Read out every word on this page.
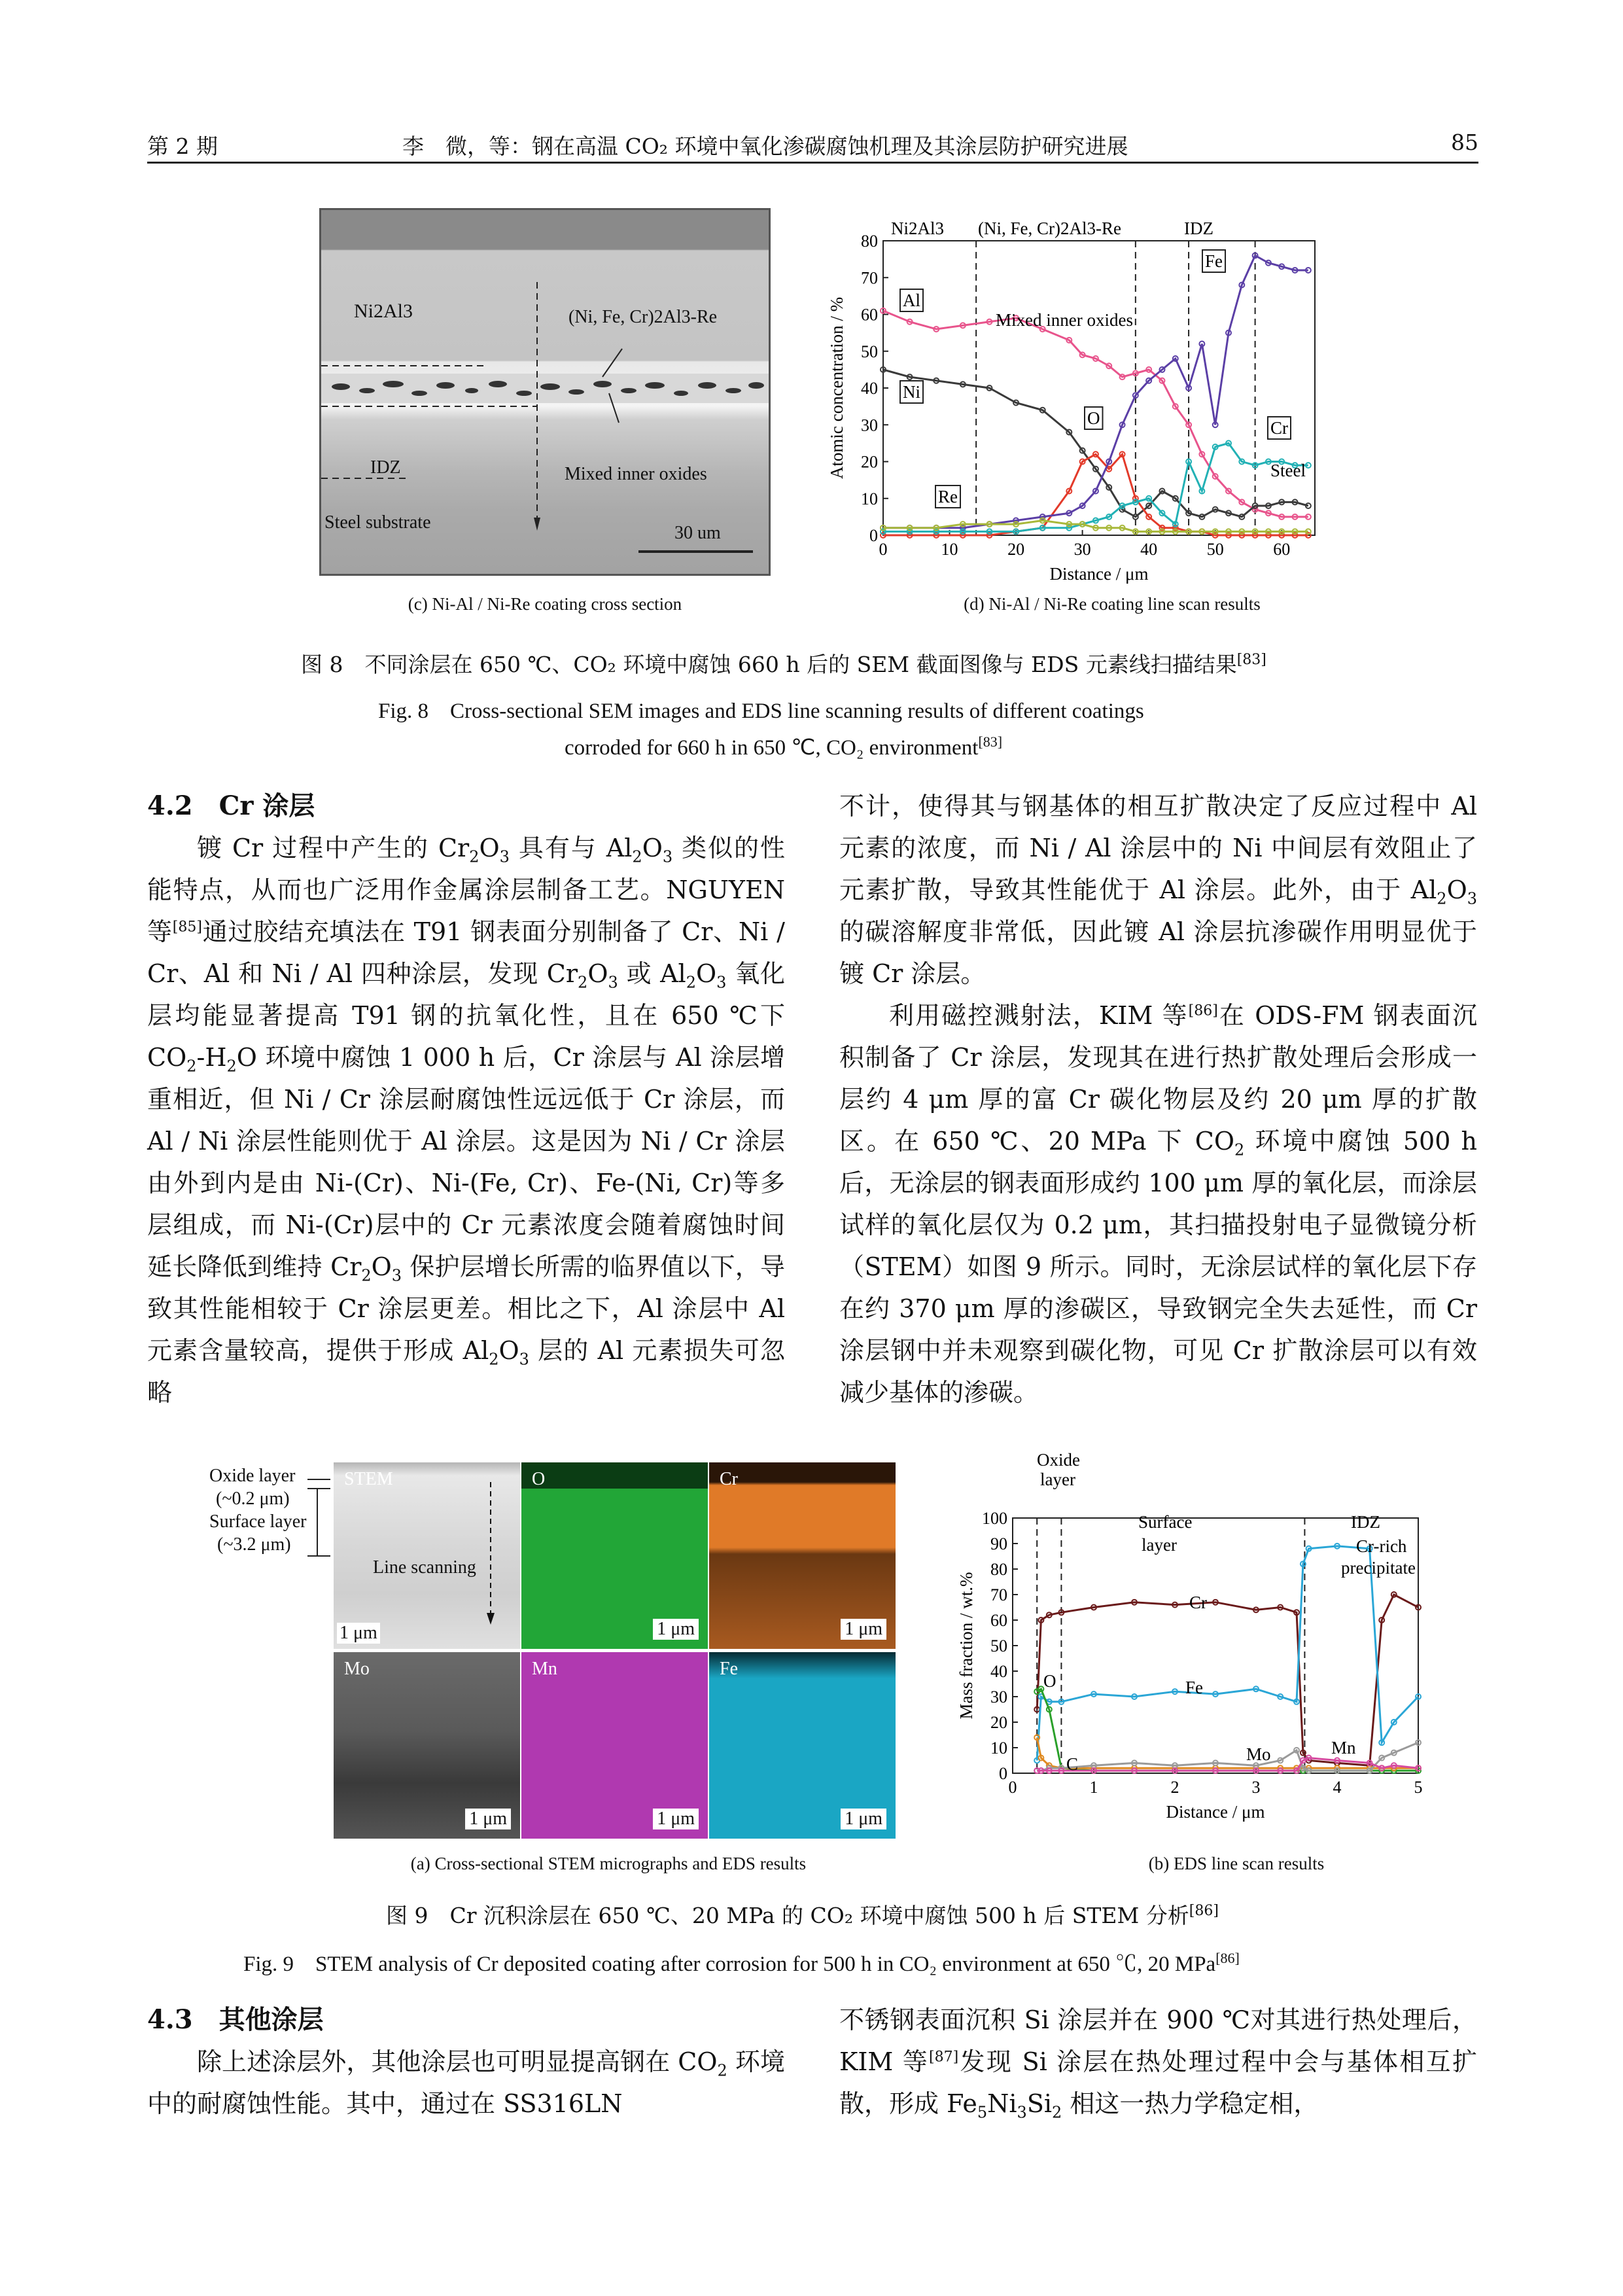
第 2 期	李　微，等：钢在高温 CO₂ 环境中氧化渗碳腐蚀机理及其涂层防护研究进展	85
Ni2Al3	(Ni, Fe, Cr)2Al3-Re
IDZ	Mixed inner oxides
Steel substrate
30 um
(c) Ni-Al / Ni-Re coating cross section
0	10	20	30	40	50	60
0
10
20
30
40
50
60
70
80
Distance / μm
Atomic concentration / %
Ni2Al3 (Ni, Fe, Cr)2Al3-Re	IDZ
Al
Ni
Re
O
Fe
Cr
Steel
Mixed inner oxides
(d) Ni-Al / Ni-Re coating line scan results
图 8　不同涂层在 650 ℃、CO₂ 环境中腐蚀 660 h 后的 SEM 截面图像与 EDS 元素线扫描结果[83]
Fig. 8　Cross-sectional SEM images and EDS line scanning results of different coatings
corroded for 660 h in 650 ℃, CO₂ environment[83]

4.2　Cr 涂层

镀 Cr 过程中产生的 $Cr_2O_3$ 具有与 $Al_2O_3$ 类似的性能特点，从而也广泛用作金属涂层制备工艺。NGUYEN 等[85]通过胶结充填法在 T91 钢表面分别制备了 Cr、Ni / Cr、Al 和 Ni / Al 四种涂层，发现 $Cr_2O_3$ 或 $Al_2O_3$ 氧化层均能显著提高 T91 钢的抗氧化性，且在 650 ℃下 $CO_2-H_2O$ 环境中腐蚀 1 000 h 后，Cr 涂层与 Al 涂层增重相近，但 Ni / Cr 涂层耐腐蚀性远远低于 Cr 涂层，而 Al / Ni 涂层性能则优于 Al 涂层。这是因为 Ni / Cr 涂层由外到内是由 Ni-(Cr)、Ni-(Fe, Cr)、Fe-(Ni, Cr)等多层组成，而 Ni-(Cr)层中的 Cr 元素浓度会随着腐蚀时间延长降低到维持 $Cr_2O_3$ 保护层增长所需的临界值以下，导致其性能相较于 Cr 涂层更差。相比之下，Al 涂层中 Al 元素含量较高，提供于形成 $Al_2O_3$ 层的 Al 元素损失可忽略

不计，使得其与钢基体的相互扩散决定了反应过程中 Al 元素的浓度，而 Ni / Al 涂层中的 Ni 中间层有效阻止了元素扩散，导致其性能优于 Al 涂层。此外，由于 $Al_2O_3$ 的碳溶解度非常低，因此镀 Al 涂层抗渗碳作用明显优于镀 Cr 涂层。

利用磁控溅射法，KIM 等[86]在 ODS-FM 钢表面沉积制备了 Cr 涂层，发现其在进行热扩散处理后会形成一层约 4 μm 厚的富 Cr 碳化物层及约 20 μm 厚的扩散区。在 650 ℃、20 MPa 下 $CO_2$ 环境中腐蚀 500 h 后，无涂层的钢表面形成约 100 μm 厚的氧化层，而涂层试样的氧化层仅为 0.2 μm，其扫描投射电子显微镜分析（STEM）如图 9 所示。同时，无涂层试样的氧化层下存在约 370 μm 厚的渗碳区，导致钢完全失去延性，而 Cr 涂层钢中并未观察到碳化物，可见 Cr 扩散涂层可以有效减少基体的渗碳。

Oxide layer
(~0.2 μm)
Surface layer
(~3.2 μm)
STEM
Line scanning
1 μm
O
1 μm
Cr
1 μm
Mo
1 μm
Mn
1 μm
Fe
1 μm
(a) Cross-sectional STEM micrographs and EDS results
0	1	2	3	4	5
0
10
20
30
40
50
60
70
80
90
100
Distance / μm
Mass fraction / wt.%
Oxide
layer
Surface
layer
IDZ
Cr-rich
precipitate
Cr
Fe
Mo	Mn
O
C
(b) EDS line scan results
图 9　Cr 沉积涂层在 650 ℃、20 MPa 的 CO₂ 环境中腐蚀 500 h 后 STEM 分析[86]
Fig. 9　STEM analysis of Cr deposited coating after corrosion for 500 h in CO₂ environment at 650 ℃, 20 MPa[86]

4.3　其他涂层

除上述涂层外，其他涂层也可明显提高钢在 $CO_2$ 环境中的耐腐蚀性能。其中，通过在 SS316LN

不锈钢表面沉积 Si 涂层并在 900 ℃对其进行热处理后，KIM 等[87]发现 Si 涂层在热处理过程中会与基体相互扩散，形成 $Fe_5Ni_3Si_2$ 相这一热力学稳定相，
